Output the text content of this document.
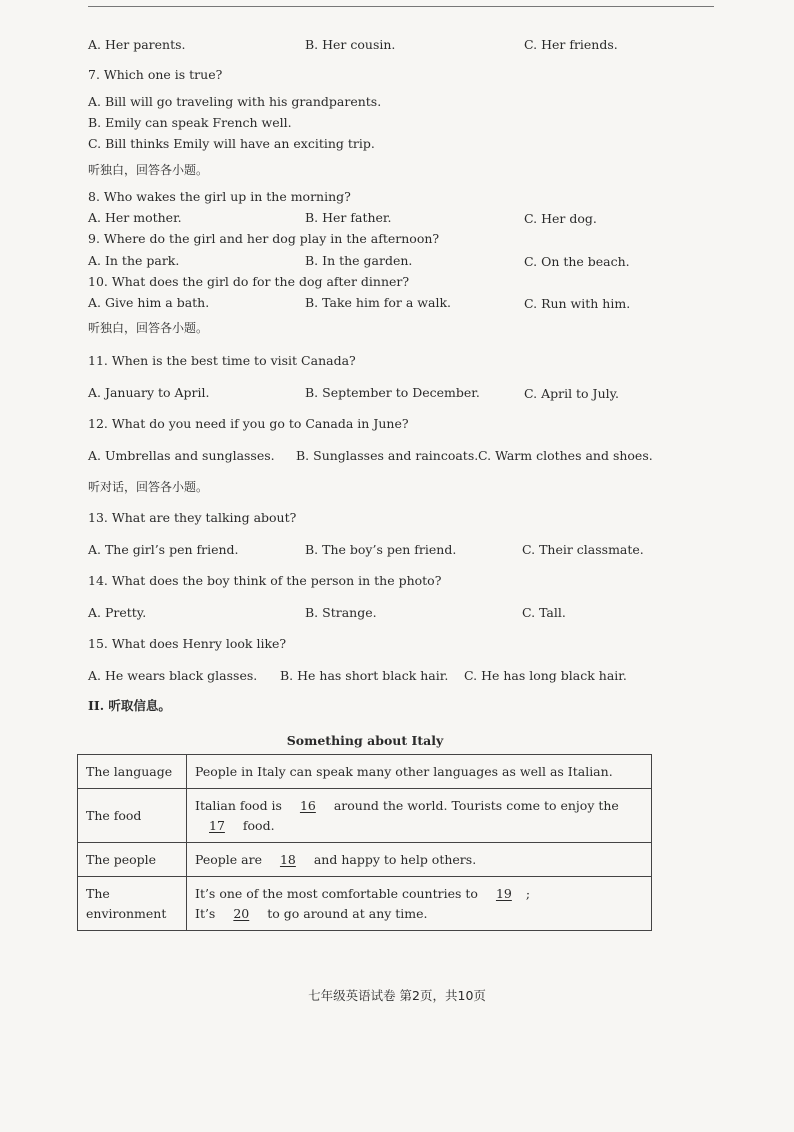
A. Her parents.	B. Her cousin.	C. Her friends.
7. Which one is true?
A. Bill will go traveling with his grandparents.
B. Emily can speak French well.
C. Bill thinks Emily will have an exciting trip.
听独白，回答各小题。
8. Who wakes the girl up in the morning?
A. Her mother.	B. Her father.	C. Her dog.
9. Where do the girl and her dog play in the afternoon?
A. In the park.	B. In the garden.	C. On the beach.
10. What does the girl do for the dog after dinner?
A. Give him a bath.	B. Take him for a walk.	C. Run with him.
听独白，回答各小题。
11. When is the best time to visit Canada?
A. January to April.	B. September to December.	C. April to July.
12. What do you need if you go to Canada in June?
A. Umbrellas and sunglasses. B. Sunglasses and raincoats. C. Warm clothes and shoes.
听对话，回答各小题。
13. What are they talking about?
A. The girl’s pen friend.	B. The boy’s pen friend.	C. Their classmate.
14. What does the boy think of the person in the photo?
A. Pretty.	B. Strange.	C. Tall.
15. What does Henry look like?
A. He wears black glasses. B. He has short black hair. C. He has long black hair.
II. 听取信息。
Something about Italy
The language	People in Italy can speak many other languages as well as Italian.
The food	Italian food is 16 around the world. Tourists come to enjoy the
17 food.
The people	People are 18 and happy to help others.
The environment	It’s one of the most comfortable countries to 19 ;
It’s 20 to go around at any time.
七年级英语试卷 第2页，共10页
